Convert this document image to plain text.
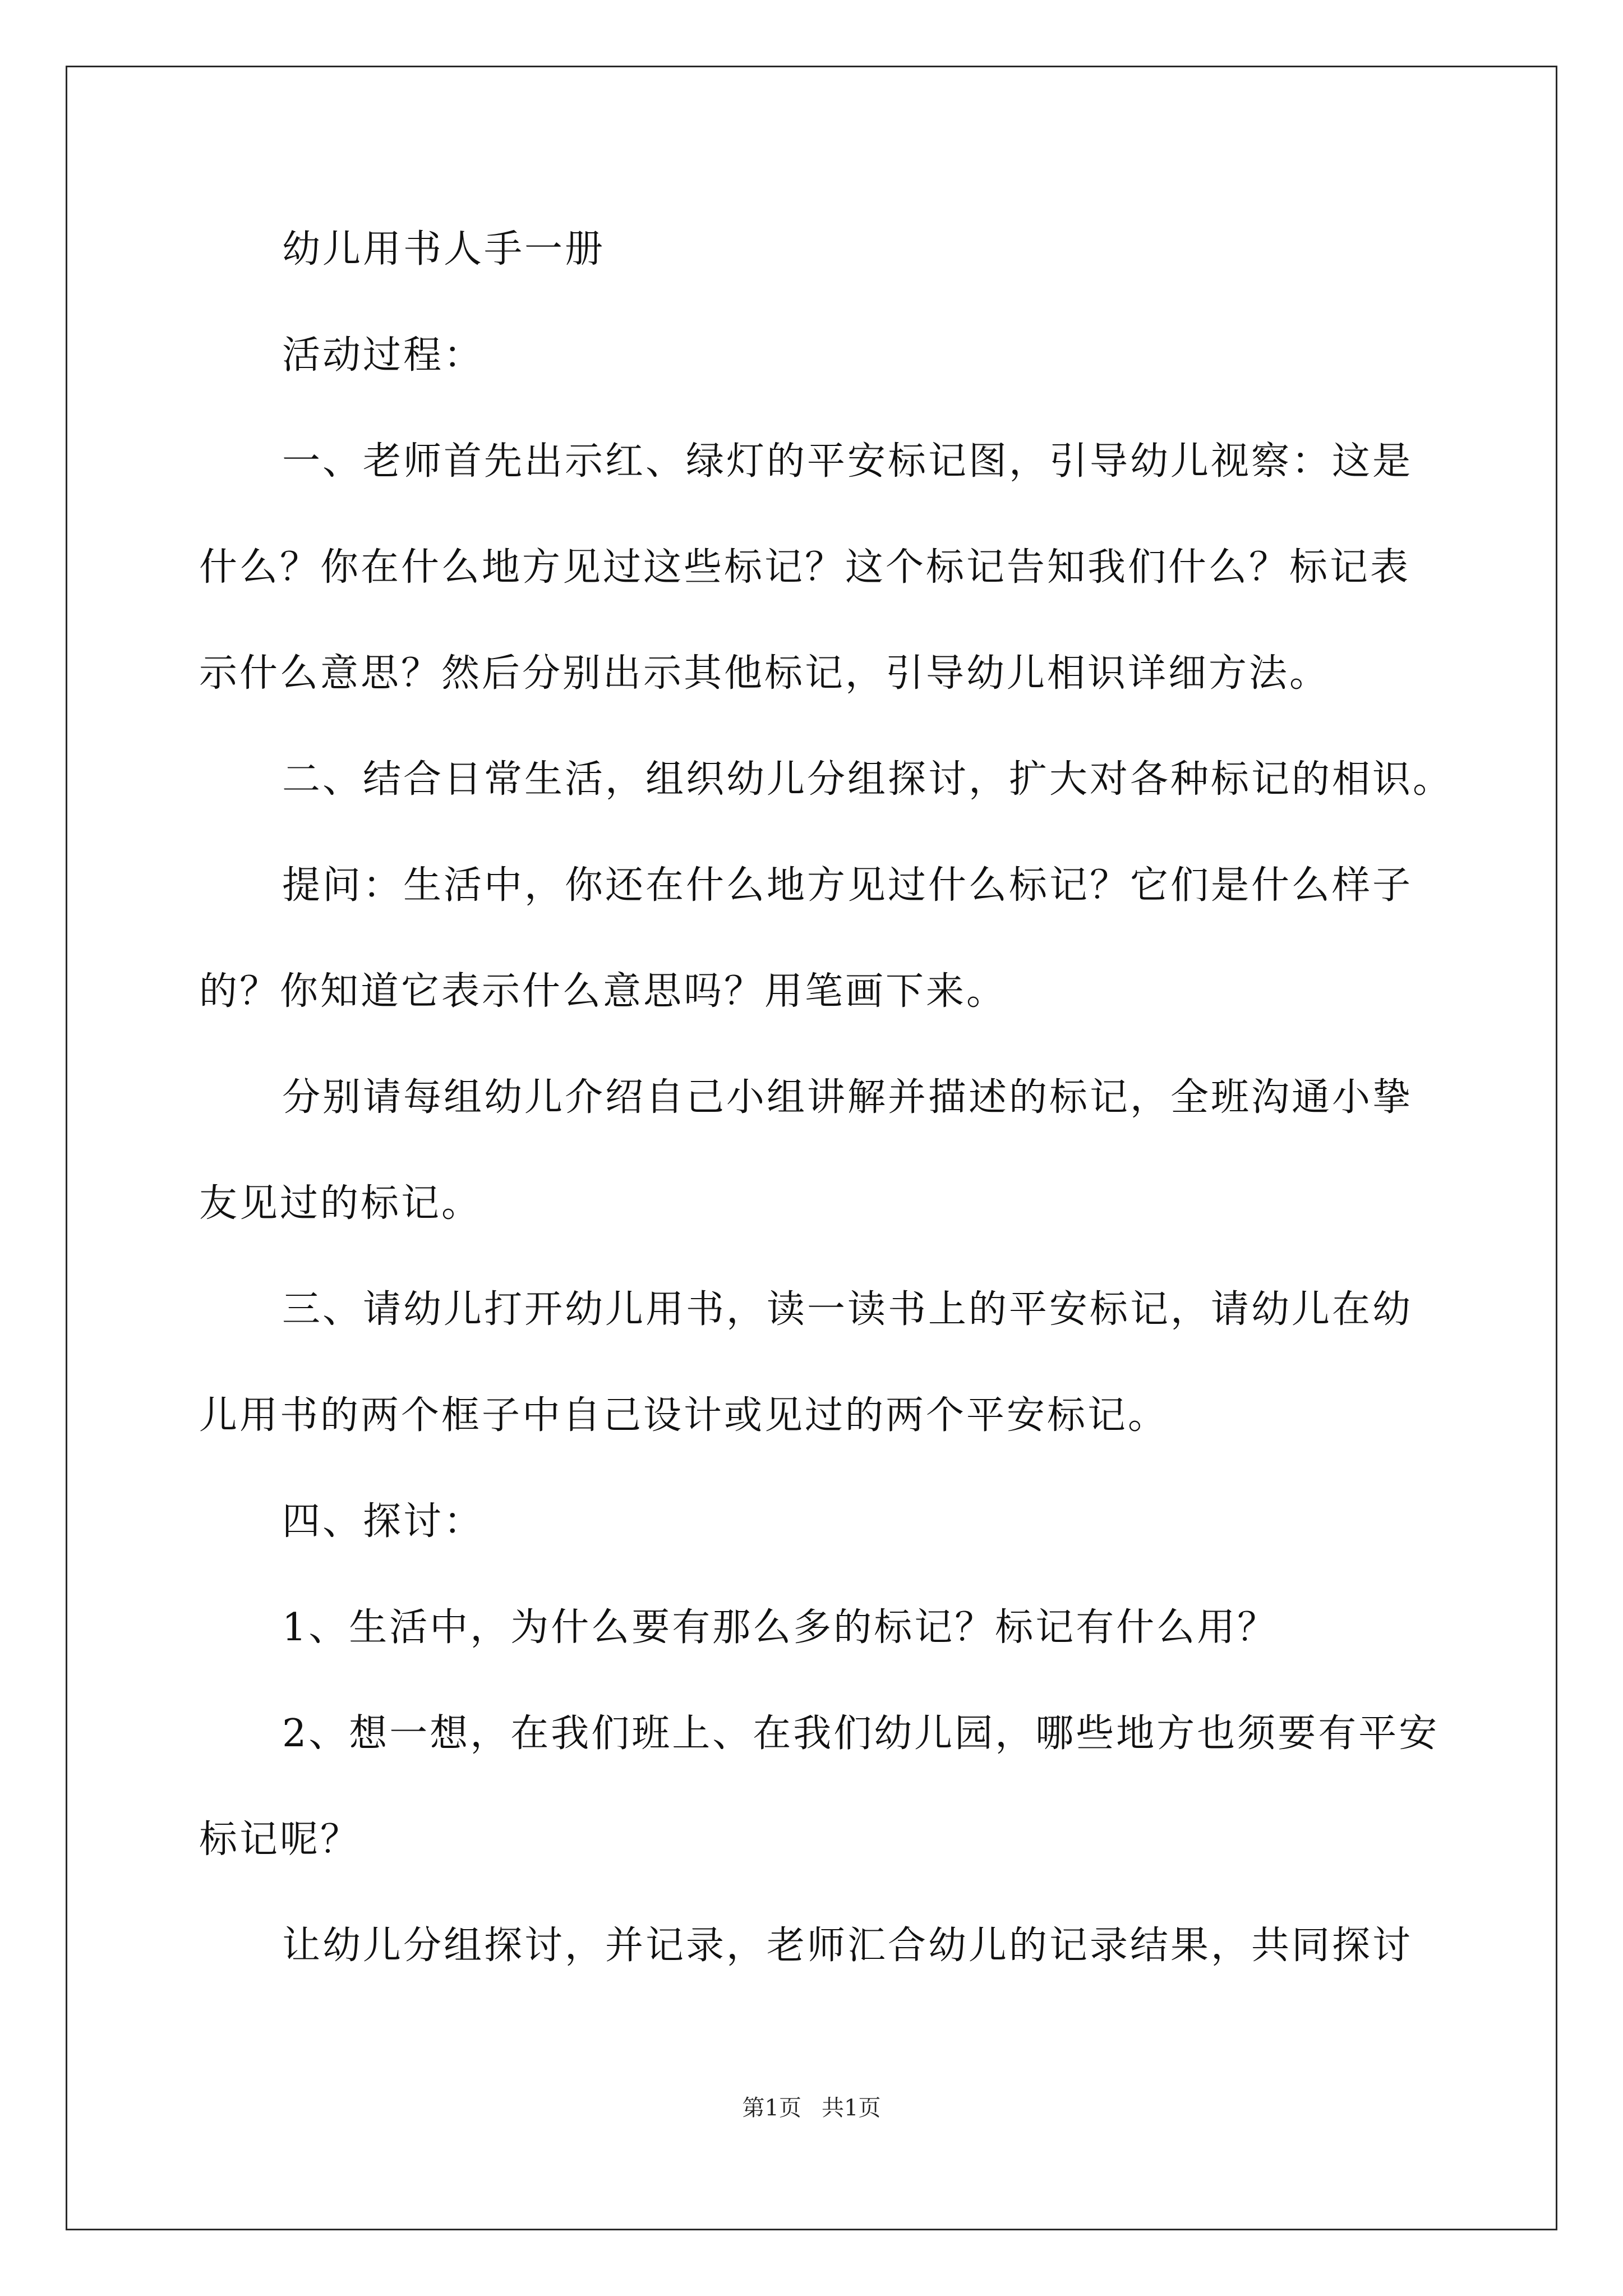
幼儿用书人手一册
活动过程：
一、老师首先出示红、绿灯的平安标记图，引导幼儿视察：这是
什么？你在什么地方见过这些标记？这个标记告知我们什么？标记表
示什么意思？然后分别出示其他标记，引导幼儿相识详细方法。
二、结合日常生活，组织幼儿分组探讨，扩大对各种标记的相识。
提问：生活中，你还在什么地方见过什么标记？它们是什么样子
的？你知道它表示什么意思吗？用笔画下来。
分别请每组幼儿介绍自己小组讲解并描述的标记，全班沟通小挚
友见过的标记。
三、请幼儿打开幼儿用书，读一读书上的平安标记，请幼儿在幼
儿用书的两个框子中自己设计或见过的两个平安标记。
四、探讨：
1、生活中，为什么要有那么多的标记？标记有什么用？
2、想一想，在我们班上、在我们幼儿园，哪些地方也须要有平安
标记呢？
让幼儿分组探讨，并记录，老师汇合幼儿的记录结果，共同探讨
第1页 共1页
